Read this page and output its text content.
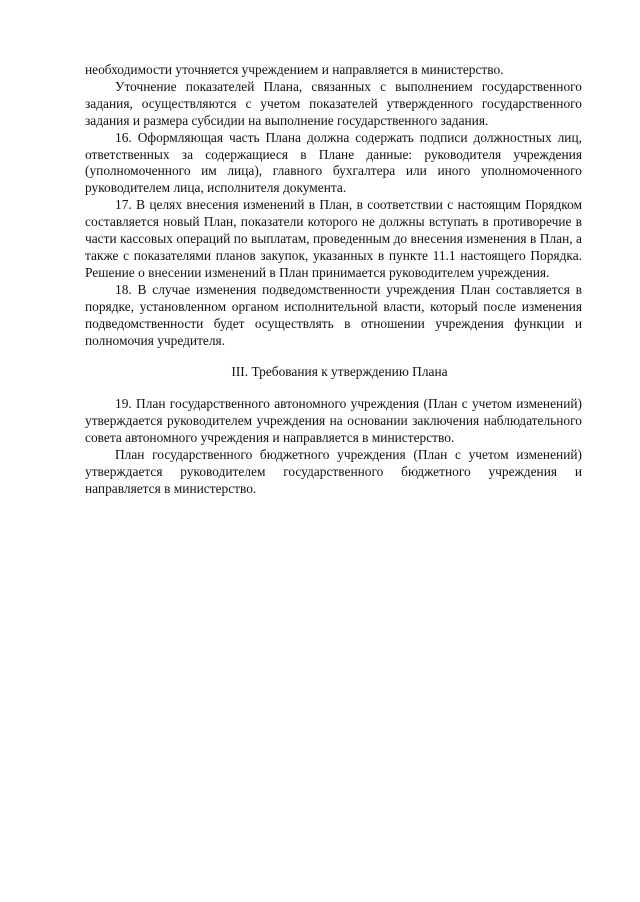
необходимости уточняется учреждением и направляется в министерство.

Уточнение показателей Плана, связанных с выполнением государственного задания, осуществляются с учетом показателей утвержденного государственного задания и размера субсидии на выполнение государственного задания.

16. Оформляющая часть Плана должна содержать подписи должностных лиц, ответственных за содержащиеся в Плане данные: руководителя учреждения (уполномоченного им лица), главного бухгалтера или иного уполномоченного руководителем лица, исполнителя документа.

17. В целях внесения изменений в План, в соответствии с настоящим Порядком составляется новый План, показатели которого не должны вступать в противоречие в части кассовых операций по выплатам, проведенным до внесения изменения в План, а также с показателями планов закупок, указанных в пункте 11.1 настоящего Порядка. Решение о внесении изменений в План принимается руководителем учреждения.

18. В случае изменения подведомственности учреждения План составляется в порядке, установленном органом исполнительной власти, который после изменения подведомственности будет осуществлять в отношении учреждения функции и полномочия учредителя.

III. Требования к утверждению Плана

19. План государственного автономного учреждения (План с учетом изменений) утверждается руководителем учреждения на основании заключения наблюдательного совета автономного учреждения и направляется в министерство.

План государственного бюджетного учреждения (План с учетом изменений) утверждается руководителем государственного бюджетного учреждения и направляется в министерство.
